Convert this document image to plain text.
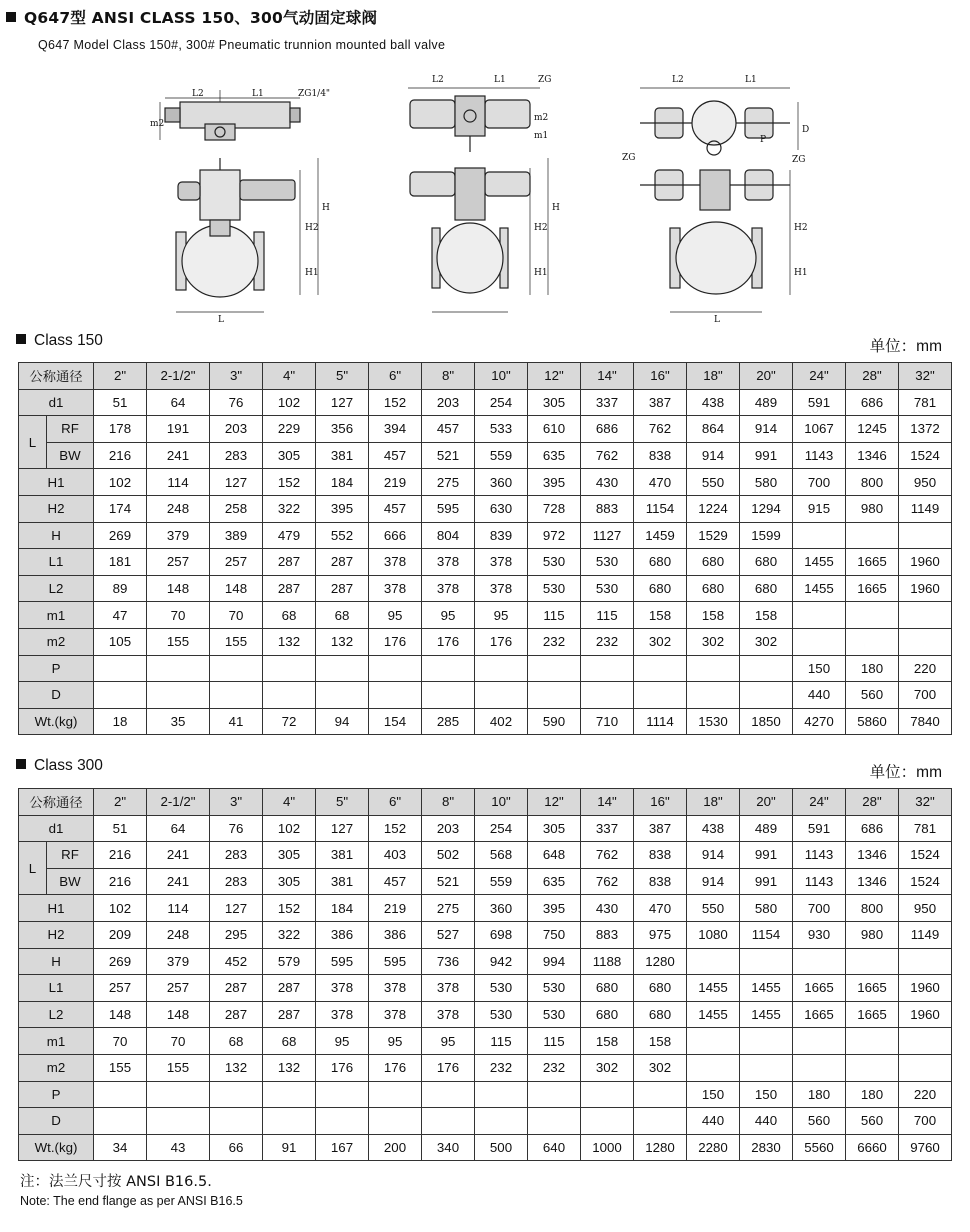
Q647型 ANSI CLASS 150、300气动固定球阀
Q647 Model Class 150#, 300# Pneumatic trunnion mounted ball valve
L2	L1	ZG1/4"
L
H1
H2
H
m2
L2	L1	ZG
m2
m1
H2
H
H1
L2	L1
ZG	ZG
P
D
H2
H1
L
Class 150	单位：mm
公称通径		2"	2-1/2"	3"	4"	5"	6"	8"	10"	12"	14"	16"	18"	20"	24"	28"	32"
d1		51	64	76	102	127	152	203	254	305	337	387	438	489	591	686	781
L	RF	178	191	203	229	356	394	457	533	610	686	762	864	914	1067	1245	1372
	BW	216	241	283	305	381	457	521	559	635	762	838	914	991	1143	1346	1524
H1		102	114	127	152	184	219	275	360	395	430	470	550	580	700	800	950
H2		174	248	258	322	395	457	595	630	728	883	1154	1224	1294	915	980	1149
H		269	379	389	479	552	666	804	839	972	1127	1459	1529	1599			
L1		181	257	257	287	287	378	378	378	530	530	680	680	680	1455	1665	1960
L2		89	148	148	287	287	378	378	378	530	530	680	680	680	1455	1665	1960
m1		47	70	70	68	68	95	95	95	115	115	158	158	158			
m2		105	155	155	132	132	176	176	176	232	232	302	302	302			
P															150	180	220
D															440	560	700
Wt.(kg)		18	35	41	72	94	154	285	402	590	710	1114	1530	1850	4270	5860	7840
Class 300	单位：mm
公称通径		2"	2-1/2"	3"	4"	5"	6"	8"	10"	12"	14"	16"	18"	20"	24"	28"	32"
d1		51	64	76	102	127	152	203	254	305	337	387	438	489	591	686	781
L	RF	216	241	283	305	381	403	502	568	648	762	838	914	991	1143	1346	1524
	BW	216	241	283	305	381	457	521	559	635	762	838	914	991	1143	1346	1524
H1		102	114	127	152	184	219	275	360	395	430	470	550	580	700	800	950
H2		209	248	295	322	386	386	527	698	750	883	975	1080	1154	930	980	1149
H		269	379	452	579	595	595	736	942	994	1188	1280					
L1		257	257	287	287	378	378	378	530	530	680	680	1455	1455	1665	1665	1960
L2		148	148	287	287	378	378	378	530	530	680	680	1455	1455	1665	1665	1960
m1		70	70	68	68	95	95	95	115	115	158	158					
m2		155	155	132	132	176	176	176	232	232	302	302					
P													150	150	180	180	220
D													440	440	560	560	700
Wt.(kg)		34	43	66	91	167	200	340	500	640	1000	1280	2280	2830	5560	6660	9760
注：法兰尺寸按 ANSI B16.5.
Note: The end flange as per ANSI B16.5
